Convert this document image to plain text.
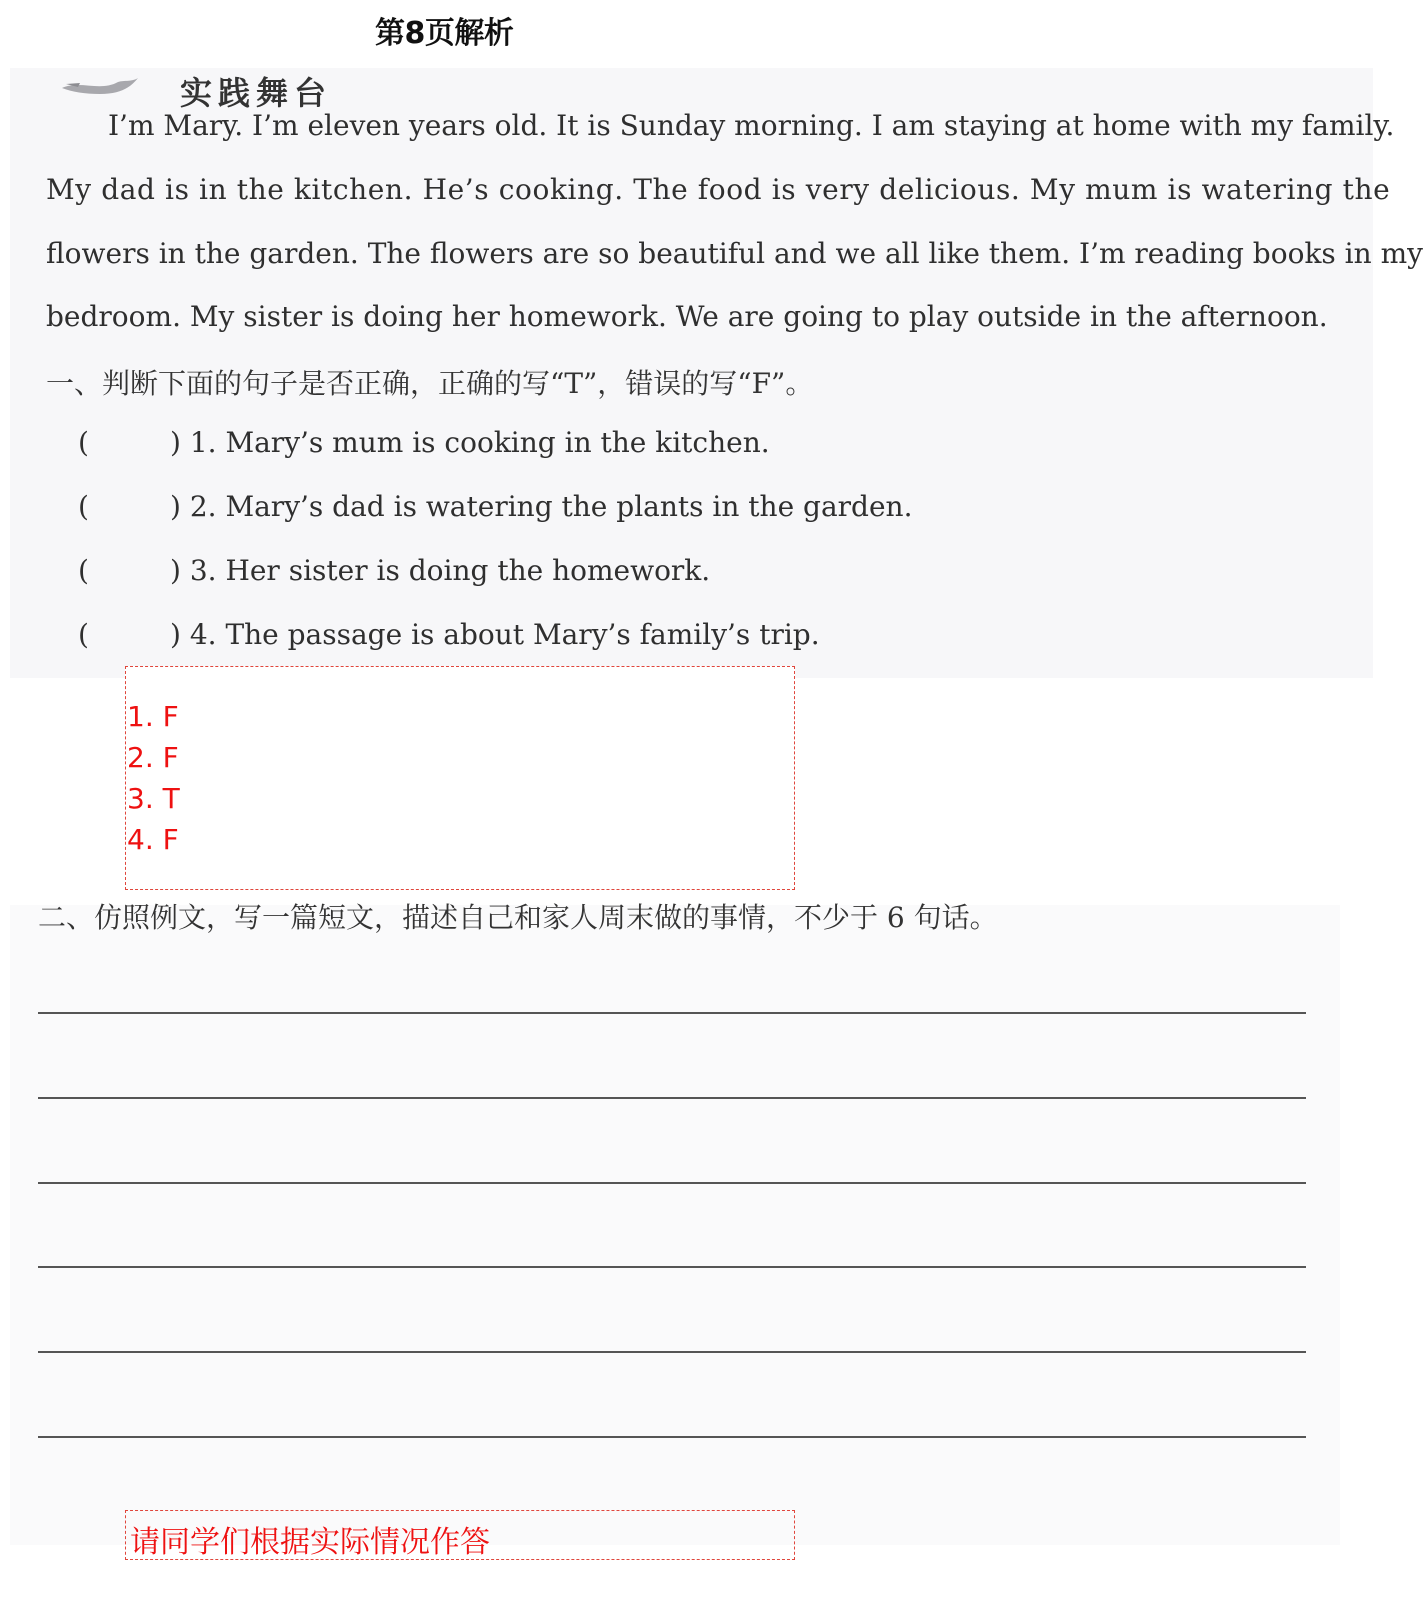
第8页解析
实践舞台
I’m Mary. I’m eleven years old. It is Sunday morning. I am staying at home with my family.
My dad is in the kitchen. He’s cooking. The food is very delicious. My mum is watering the
flowers in the garden. The flowers are so beautiful and we all like them. I’m reading books in my
bedroom. My sister is doing her homework. We are going to play outside in the afternoon.
一、判断下面的句子是否正确，正确的写“T”，错误的写“F”。
(	) 1. Mary’s mum is cooking in the kitchen.
(	) 2. Mary’s dad is watering the plants in the garden.
(	) 3. Her sister is doing the homework.
(	) 4. The passage is about Mary’s family’s trip.
1. F
2. F
3. T
4. F
二、仿照例文，写一篇短文，描述自己和家人周末做的事情，不少于 6 句话。
请同学们根据实际情况作答
